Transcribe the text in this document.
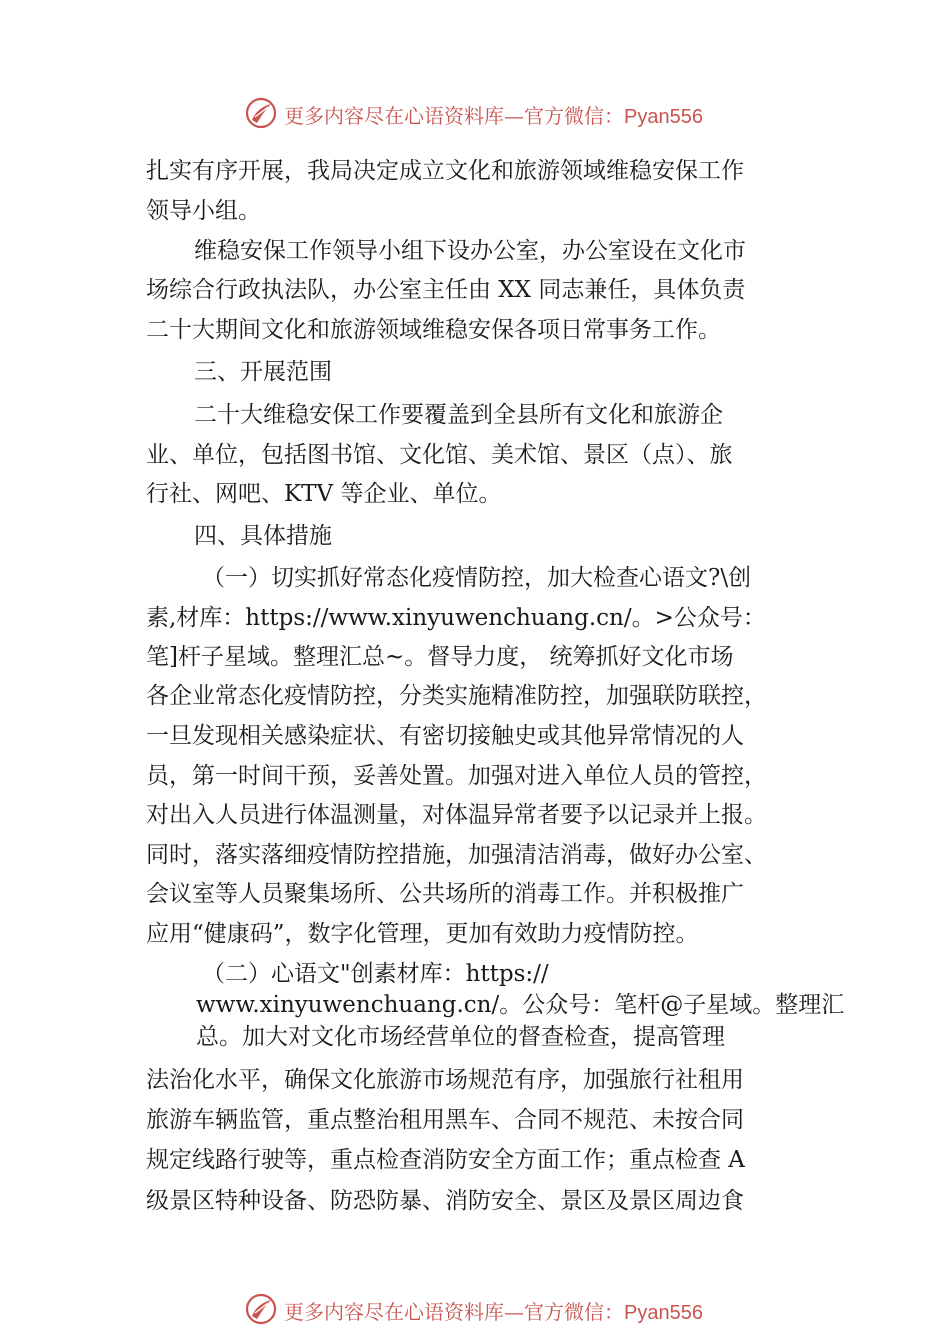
更多内容尽在心语资料库—官方微信：Pyan556
扎实有序开展，我局决定成立文化和旅游领域维稳安保工作
领导小组。
维稳安保工作领导小组下设办公室，办公室设在文化市
场综合行政执法队，办公室主任由 XX 同志兼任，具体负责
二十大期间文化和旅游领域维稳安保各项日常事务工作。
三、开展范围
二十大维稳安保工作要覆盖到全县所有文化和旅游企
业、单位，包括图书馆、文化馆、美术馆、景区（点）、旅
行社、网吧、KTV 等企业、单位。
四、具体措施
（一）切实抓好常态化疫情防控，加大检查心语文?\创
素,材库：https://www.xinyuwenchuang.cn/。>公众号：
笔]杆子星域。整理汇总~。督导力度， 统筹抓好文化市场
各企业常态化疫情防控，分类实施精准防控，加强联防联控，
一旦发现相关感染症状、有密切接触史或其他异常情况的人
员，第一时间干预，妥善处置。加强对进入单位人员的管控，
对出入人员进行体温测量，对体温异常者要予以记录并上报。
同时，落实落细疫情防控措施，加强清洁消毒，做好办公室、
会议室等人员聚集场所、公共场所的消毒工作。并积极推广
应用“健康码”，数字化管理，更加有效助力疫情防控。
（二）心语文"创素材库：https://
www.xinyuwenchuang.cn/。公众号：笔杆@子星域。整理汇
总。加大对文化市场经营单位的督查检查，提高管理
法治化水平，确保文化旅游市场规范有序，加强旅行社租用
旅游车辆监管，重点整治租用黑车、合同不规范、未按合同
规定线路行驶等，重点检查消防安全方面工作；重点检查 A
级景区特种设备、防恐防暴、消防安全、景区及景区周边食
更多内容尽在心语资料库—官方微信：Pyan556
